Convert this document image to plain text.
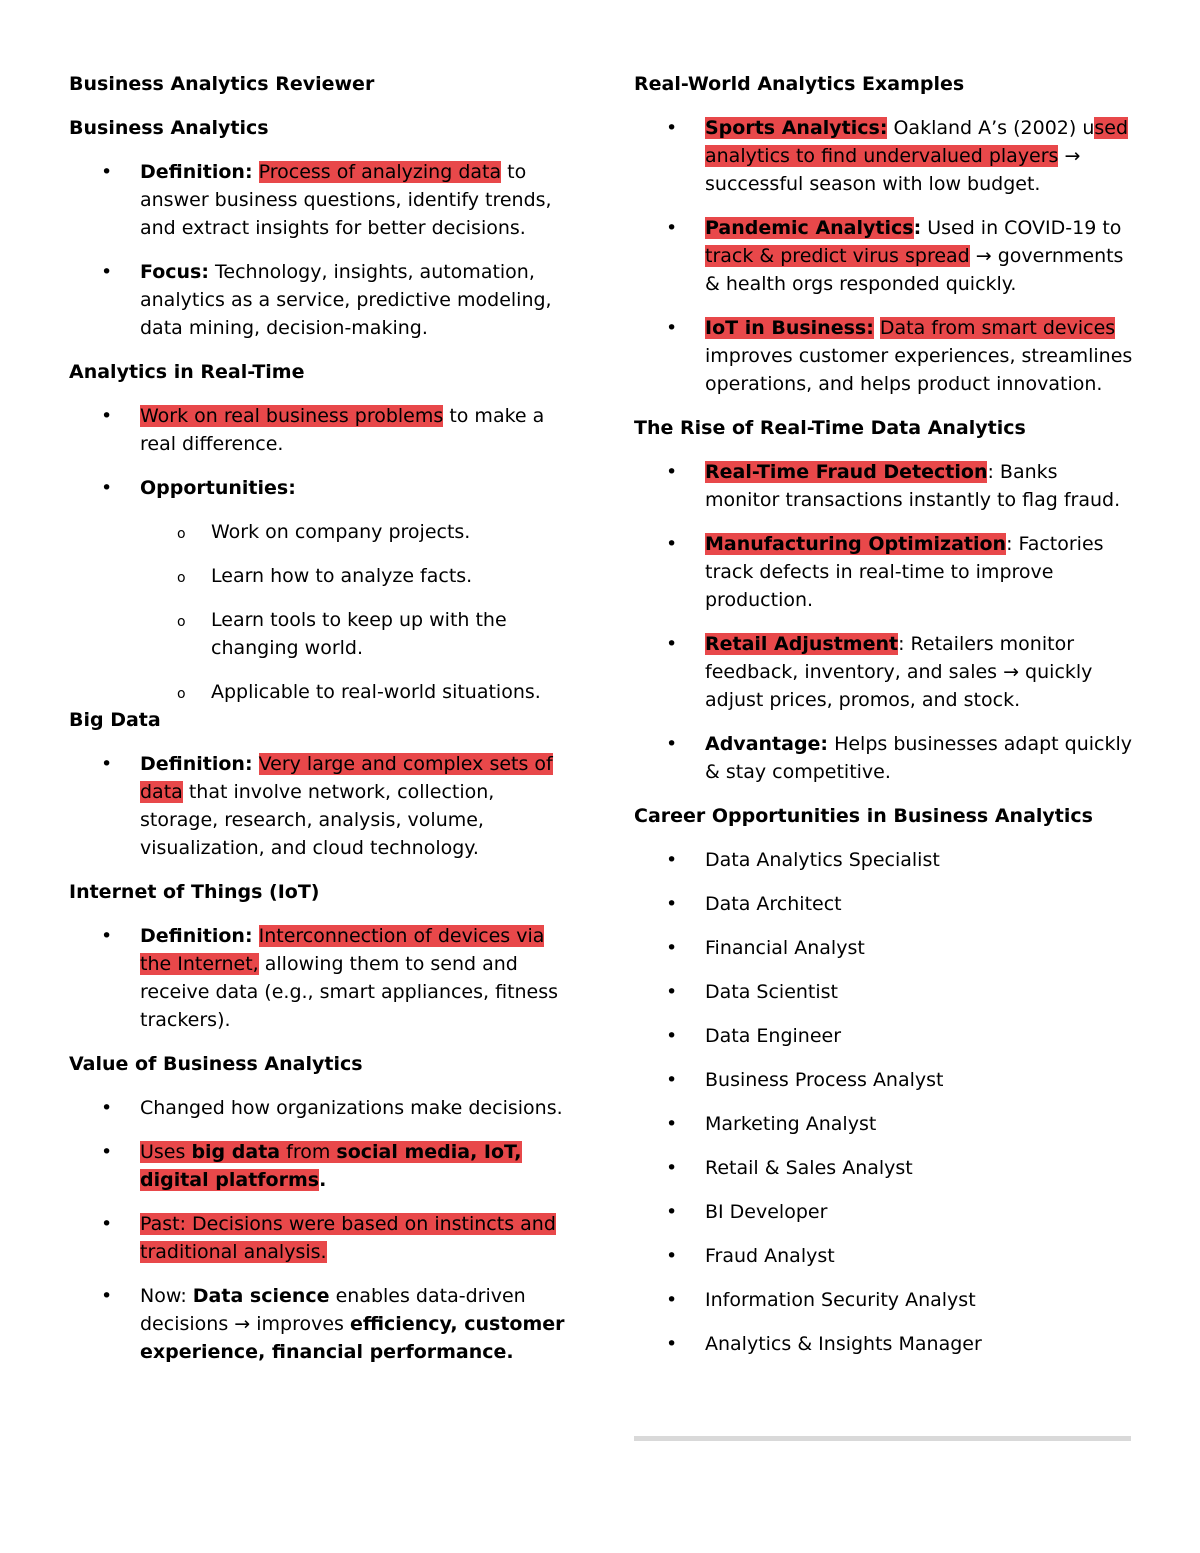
Business Analytics Reviewer
Business Analytics
• Definition: Process of analyzing data to answer business questions, identify trends, and extract insights for better decisions.
• Focus: Technology, insights, automation, analytics as a service, predictive modeling, data mining, decision-making.
Analytics in Real-Time
• Work on real business problems to make a real difference.
• Opportunities:
o Work on company projects.
o Learn how to analyze facts.
o Learn tools to keep up with the changing world.
o Applicable to real-world situations.
Big Data
• Definition: Very large and complex sets of data that involve network, collection, storage, research, analysis, volume, visualization, and cloud technology.
Internet of Things (IoT)
• Definition: Interconnection of devices via the Internet, allowing them to send and receive data (e.g., smart appliances, fitness trackers).
Value of Business Analytics
• Changed how organizations make decisions.
• Uses big data from social media, IoT, digital platforms.
• Past: Decisions were based on instincts and traditional analysis.
• Now: Data science enables data-driven decisions → improves efficiency, customer experience, financial performance.
Real-World Analytics Examples
• Sports Analytics: Oakland A’s (2002) used analytics to find undervalued players → successful season with low budget.
• Pandemic Analytics: Used in COVID-19 to track & predict virus spread → governments & health orgs responded quickly.
• IoT in Business: Data from smart devices improves customer experiences, streamlines operations, and helps product innovation.
The Rise of Real-Time Data Analytics
• Real-Time Fraud Detection: Banks monitor transactions instantly to flag fraud.
• Manufacturing Optimization: Factories track defects in real-time to improve production.
• Retail Adjustment: Retailers monitor feedback, inventory, and sales → quickly adjust prices, promos, and stock.
• Advantage: Helps businesses adapt quickly & stay competitive.
Career Opportunities in Business Analytics
• Data Analytics Specialist
• Data Architect
• Financial Analyst
• Data Scientist
• Data Engineer
• Business Process Analyst
• Marketing Analyst
• Retail & Sales Analyst
• BI Developer
• Fraud Analyst
• Information Security Analyst
• Analytics & Insights Manager
